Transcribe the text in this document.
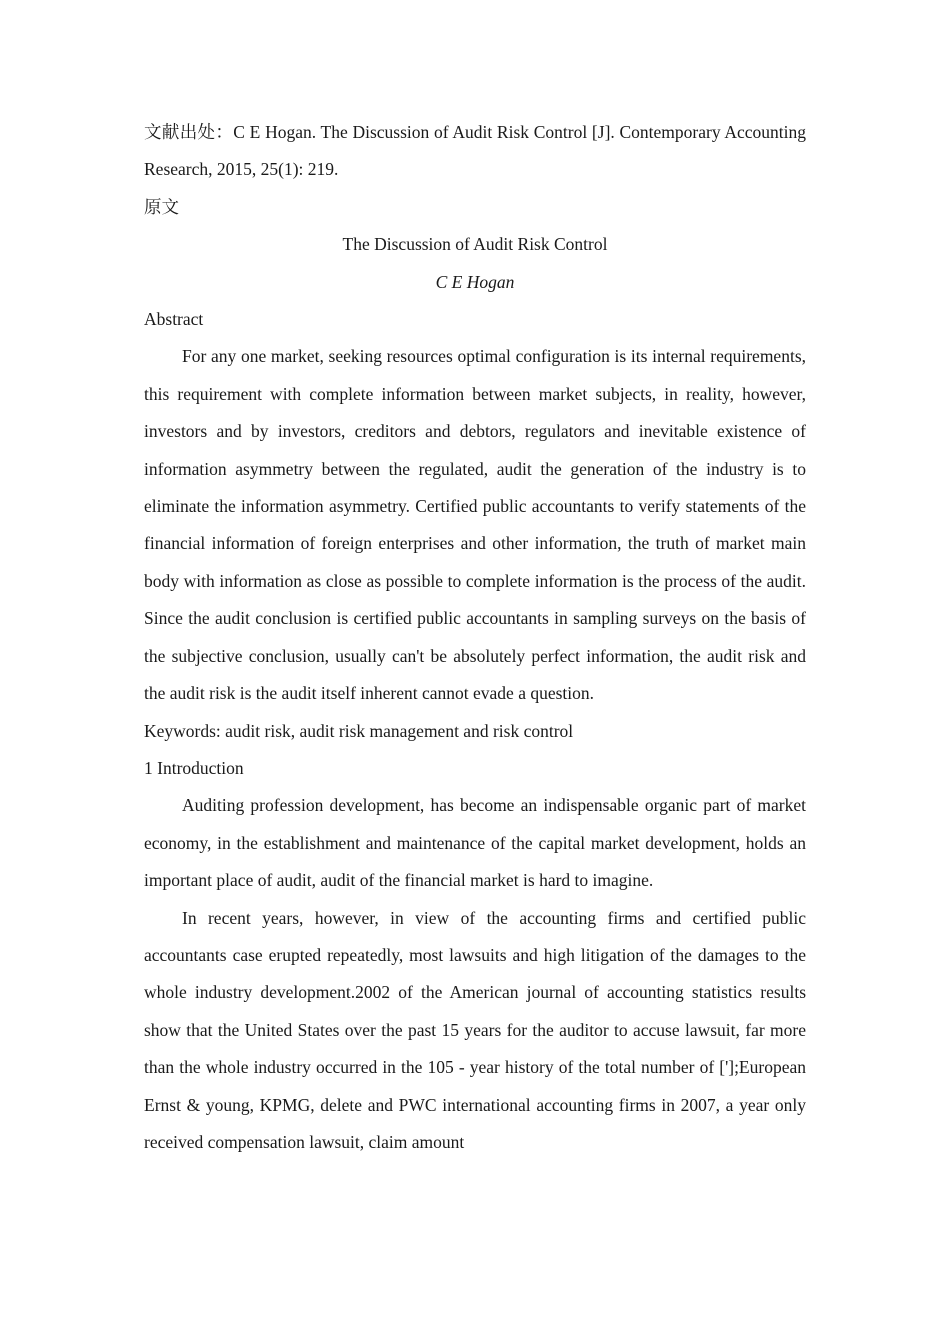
文献出处：C E Hogan. The Discussion of Audit Risk Control [J]. Contemporary Accounting Research, 2015, 25(1): 219.

原文

The Discussion of Audit Risk Control

C E Hogan

Abstract

For any one market, seeking resources optimal configuration is its internal requirements, this requirement with complete information between market subjects, in reality, however, investors and by investors, creditors and debtors, regulators and inevitable existence of information asymmetry between the regulated, audit the generation of the industry is to eliminate the information asymmetry. Certified public accountants to verify statements of the financial information of foreign enterprises and other information, the truth of market main body with information as close as possible to complete information is the process of the audit. Since the audit conclusion is certified public accountants in sampling surveys on the basis of the subjective conclusion, usually can't be absolutely perfect information, the audit risk and the audit risk is the audit itself inherent cannot evade a question.

Keywords: audit risk, audit risk management and risk control

1 Introduction

Auditing profession development, has become an indispensable organic part of market economy, in the establishment and maintenance of the capital market development, holds an important place of audit, audit of the financial market is hard to imagine.

In recent years, however, in view of the accounting firms and certified public accountants case erupted repeatedly, most lawsuits and high litigation of the damages to the whole industry development.2002 of the American journal of accounting statistics results show that the United States over the past 15 years for the auditor to accuse lawsuit, far more than the whole industry occurred in the 105 - year history of the total number of ['];European Ernst & young, KPMG, delete and PWC international accounting firms in 2007, a year only received compensation lawsuit, claim amount
